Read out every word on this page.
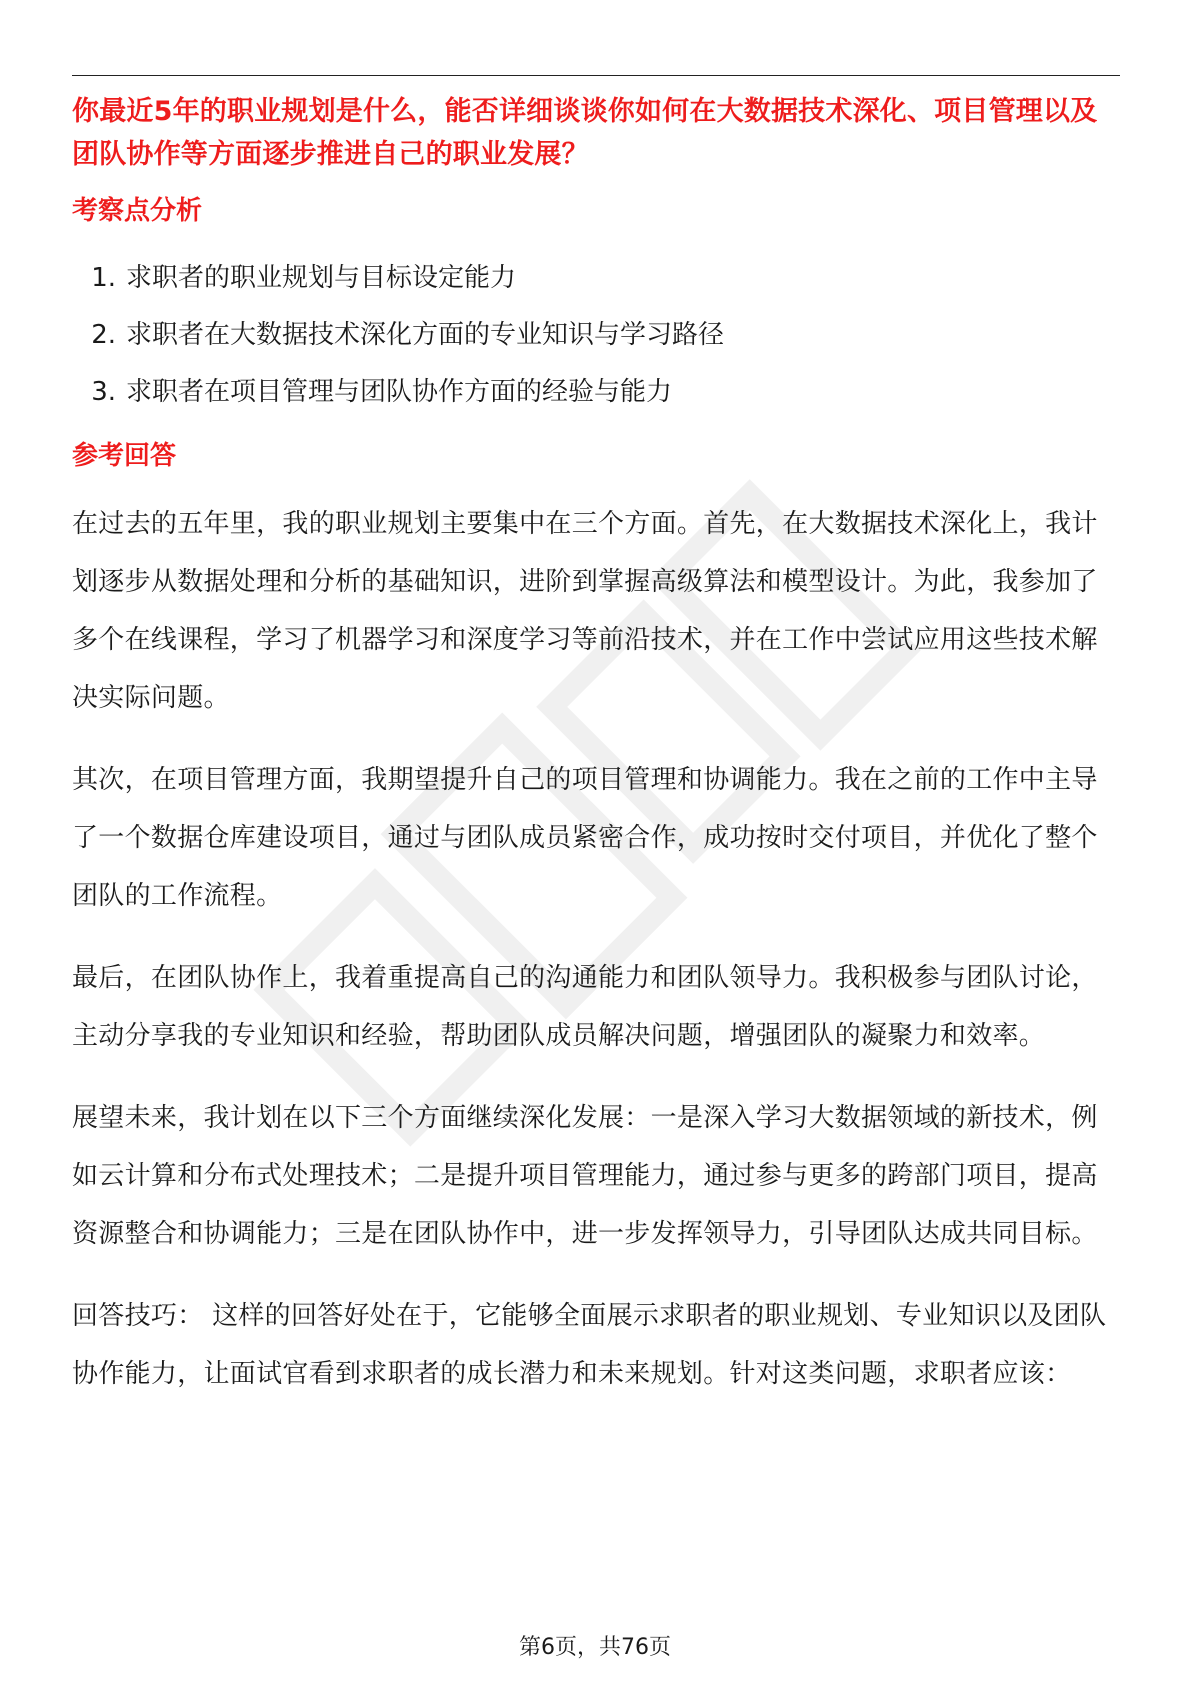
你最近5年的职业规划是什么，能否详细谈谈你如何在大数据技术深化、项目管理以及团队协作等方面逐步推进自己的职业发展？

考察点分析
1. 求职者的职业规划与目标设定能力
2. 求职者在大数据技术深化方面的专业知识与学习路径
3. 求职者在项目管理与团队协作方面的经验与能力
参考回答

在过去的五年里，我的职业规划主要集中在三个方面。首先，在大数据技术深化上，我计划逐步从数据处理和分析的基础知识，进阶到掌握高级算法和模型设计。为此，我参加了多个在线课程，学习了机器学习和深度学习等前沿技术，并在工作中尝试应用这些技术解决实际问题。

其次，在项目管理方面，我期望提升自己的项目管理和协调能力。我在之前的工作中主导了一个数据仓库建设项目，通过与团队成员紧密合作，成功按时交付项目，并优化了整个团队的工作流程。

最后，在团队协作上，我着重提高自己的沟通能力和团队领导力。我积极参与团队讨论，主动分享我的专业知识和经验，帮助团队成员解决问题，增强团队的凝聚力和效率。

展望未来，我计划在以下三个方面继续深化发展：一是深入学习大数据领域的新技术，例如云计算和分布式处理技术；二是提升项目管理能力，通过参与更多的跨部门项目，提高资源整合和协调能力；三是在团队协作中，进一步发挥领导力，引导团队达成共同目标。

回答技巧： 这样的回答好处在于，它能够全面展示求职者的职业规划、专业知识以及团队协作能力，让面试官看到求职者的成长潜力和未来规划。针对这类问题，求职者应该：

第6页，共76页
